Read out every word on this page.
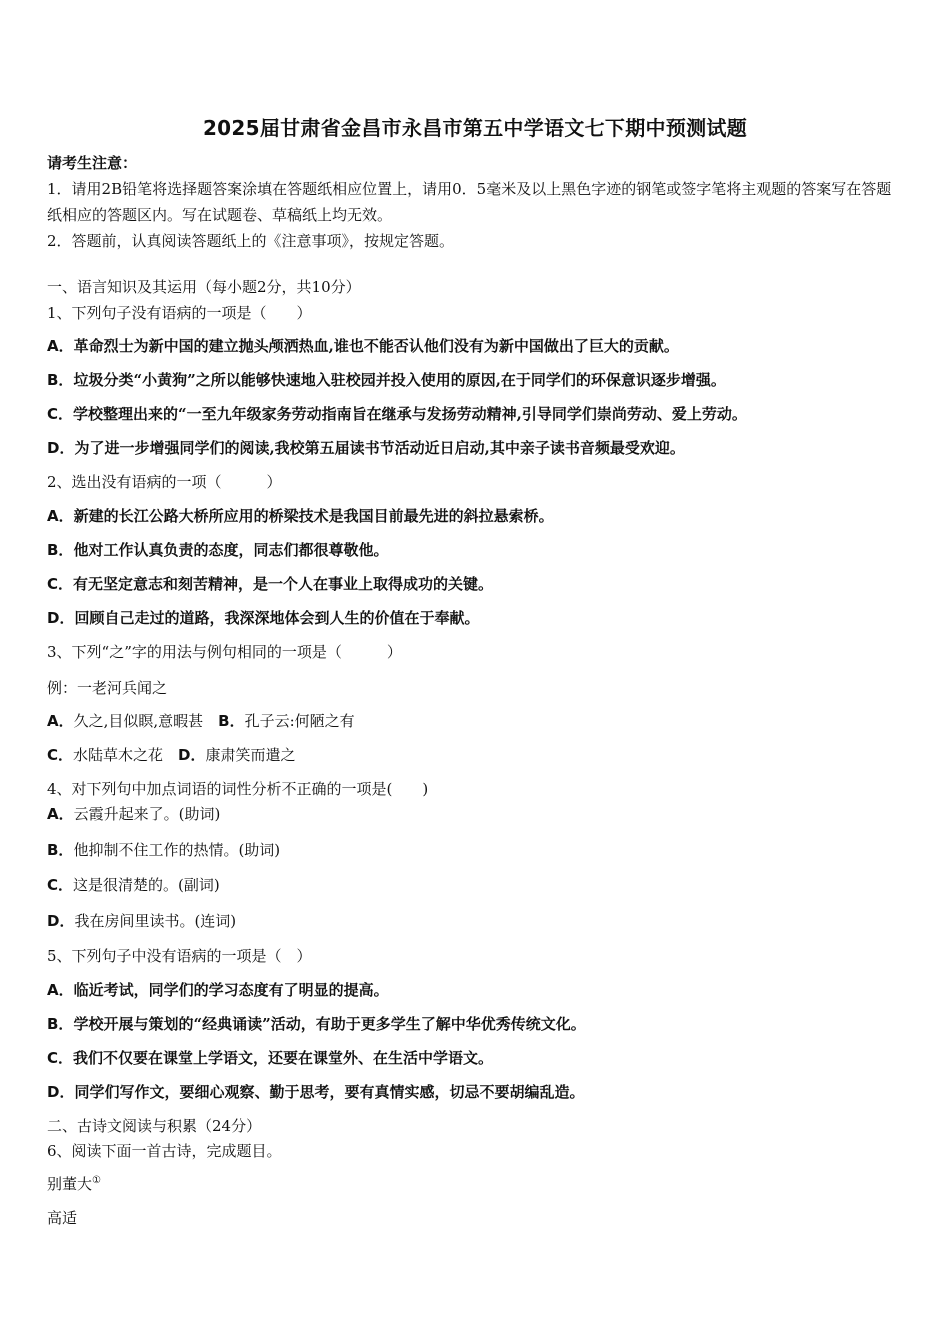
2025届甘肃省金昌市永昌市第五中学语文七下期中预测试题
请考生注意：
1．请用2B铅笔将选择题答案涂填在答题纸相应位置上，请用0．5毫米及以上黑色字迹的钢笔或签字笔将主观题的答案写在答题纸相应的答题区内。写在试题卷、草稿纸上均无效。
2．答题前，认真阅读答题纸上的《注意事项》，按规定答题。
一、语言知识及其运用（每小题2分，共10分）
1、下列句子没有语病的一项是（　　）
A．革命烈士为新中国的建立抛头颅洒热血,谁也不能否认他们没有为新中国做出了巨大的贡献。
B．垃圾分类“小黄狗”之所以能够快速地入驻校园并投入使用的原因,在于同学们的环保意识逐步增强。
C．学校整理出来的“一至九年级家务劳动指南旨在继承与发扬劳动精神,引导同学们崇尚劳动、爱上劳动。
D．为了进一步增强同学们的阅读,我校第五届读书节活动近日启动,其中亲子读书音频最受欢迎。
2、选出没有语病的一项（　　　）
A．新建的长江公路大桥所应用的桥梁技术是我国目前最先进的斜拉悬索桥。
B．他对工作认真负责的态度，同志们都很尊敬他。
C．有无坚定意志和刻苦精神，是一个人在事业上取得成功的关键。
D．回顾自己走过的道路，我深深地体会到人生的价值在于奉献。
3、下列“之”字的用法与例句相同的一项是（　　　）
例：一老河兵闻之
A．久之,目似瞑,意暇甚　B．孔子云:何陋之有
C．水陆草木之花　D．康肃笑而遣之
4、对下列句中加点词语的词性分析不正确的一项是(　　)
A．云霞升起来了。(助词)
B．他抑制不住工作的热情。(助词)
C．这是很清楚的。(副词)
D．我在房间里读书。(连词)
5、下列句子中没有语病的一项是（　）
A．临近考试，同学们的学习态度有了明显的提高。
B．学校开展与策划的“经典诵读”活动，有助于更多学生了解中华优秀传统文化。
C．我们不仅要在课堂上学语文，还要在课堂外、在生活中学语文。
D．同学们写作文，要细心观察、勤于思考，要有真情实感，切忌不要胡编乱造。
二、古诗文阅读与积累（24分）
6、阅读下面一首古诗，完成题目。
别董大①
高适
